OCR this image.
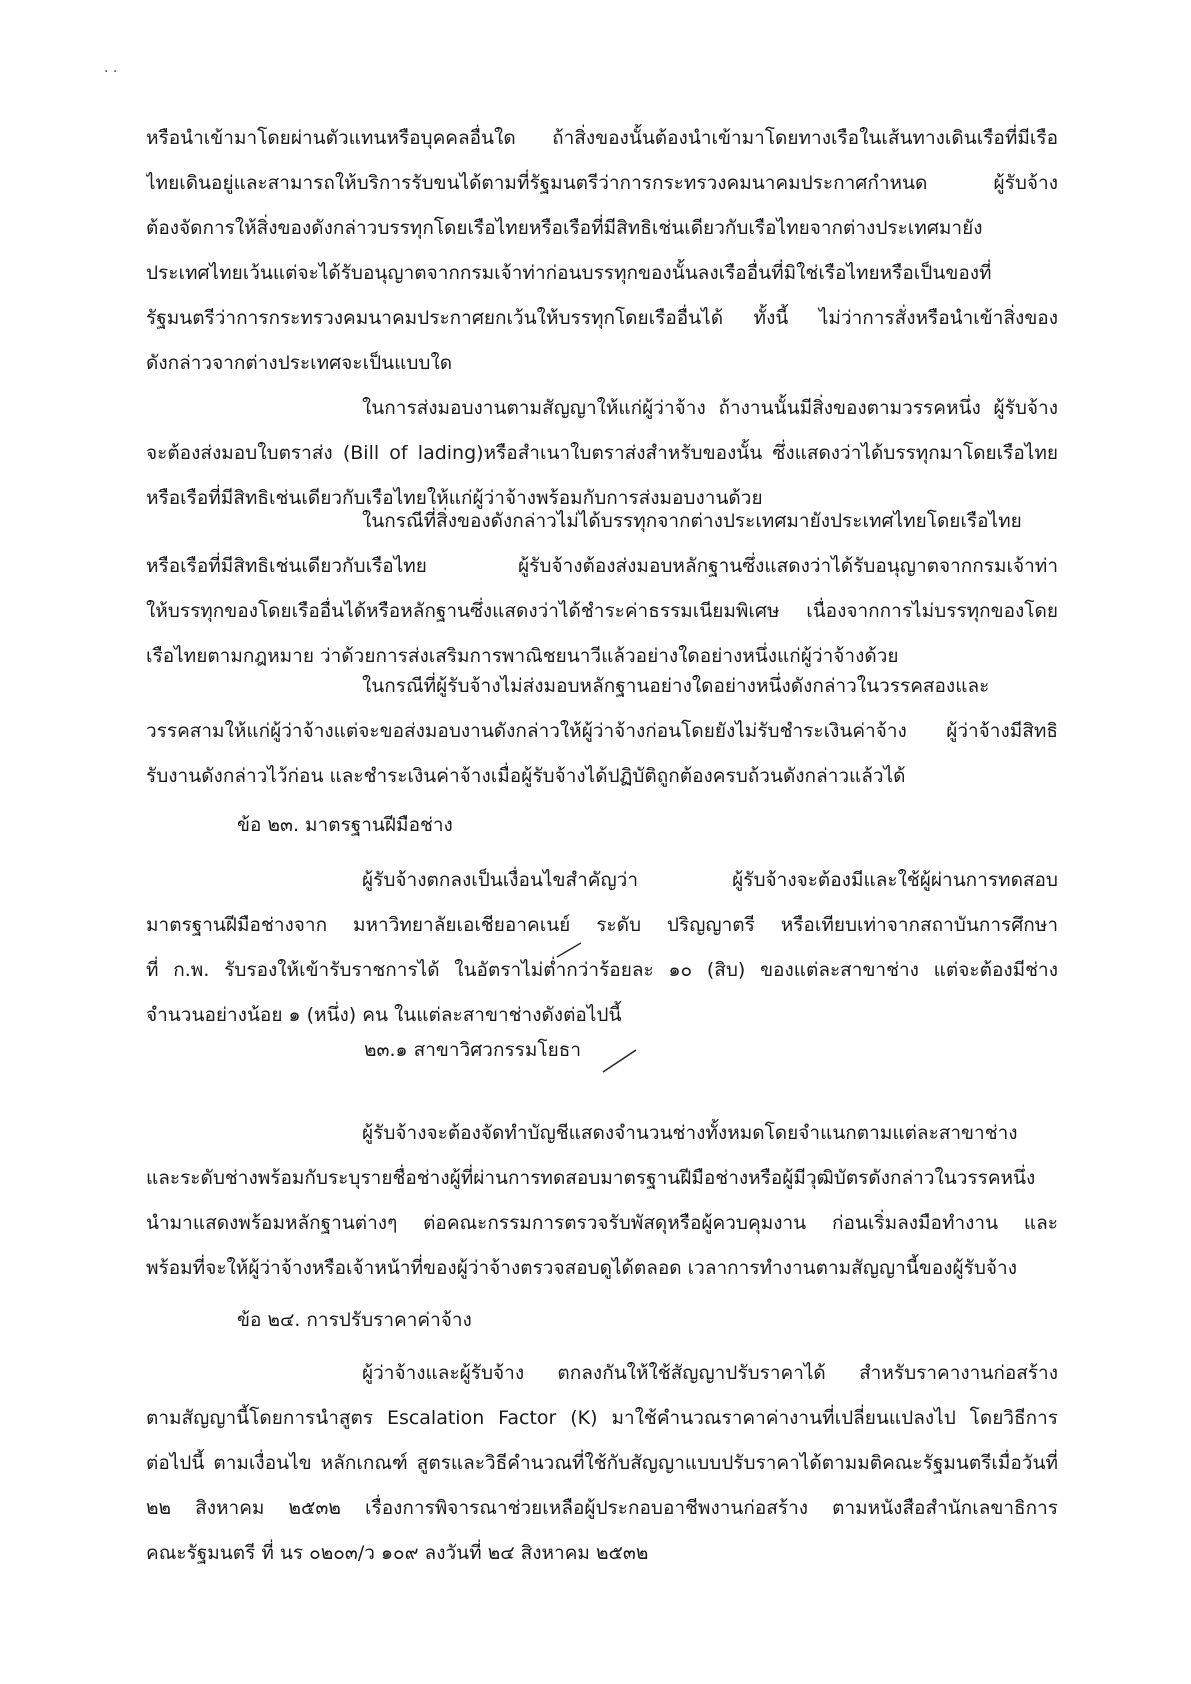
. .
หรือนำเข้ามาโดยผ่านตัวแทนหรือบุคคลอื่นใด ถ้าสิ่งของนั้นต้องนำเข้ามาโดยทางเรือในเส้นทางเดินเรือที่มีเรือ
ไทยเดินอยู่และสามารถให้บริการรับขนได้ตามที่รัฐมนตรีว่าการกระทรวงคมนาคมประกาศกำหนด ผู้รับจ้าง
ต้องจัดการให้สิ่งของดังกล่าวบรรทุกโดยเรือไทยหรือเรือที่มีสิทธิเช่นเดียวกับเรือไทยจากต่างประเทศมายัง
ประเทศไทยเว้นแต่จะได้รับอนุญาตจากกรมเจ้าท่าก่อนบรรทุกของนั้นลงเรืออื่นที่มิใช่เรือไทยหรือเป็นของที่
รัฐมนตรีว่าการกระทรวงคมนาคมประกาศยกเว้นให้บรรทุกโดยเรืออื่นได้ ทั้งนี้ ไม่ว่าการสั่งหรือนำเข้าสิ่งของ
ดังกล่าวจากต่างประเทศจะเป็นแบบใด
ในการส่งมอบงานตามสัญญาให้แก่ผู้ว่าจ้าง ถ้างานนั้นมีสิ่งของตามวรรคหนึ่ง ผู้รับจ้าง
จะต้องส่งมอบใบตราส่ง (Bill of lading)หรือสำเนาใบตราส่งสำหรับของนั้น ซึ่งแสดงว่าได้บรรทุกมาโดยเรือไทย
หรือเรือที่มีสิทธิเช่นเดียวกับเรือไทยให้แก่ผู้ว่าจ้างพร้อมกับการส่งมอบงานด้วย
ในกรณีที่สิ่งของดังกล่าวไม่ได้บรรทุกจากต่างประเทศมายังประเทศไทยโดยเรือไทย
หรือเรือที่มีสิทธิเช่นเดียวกับเรือไทย ผู้รับจ้างต้องส่งมอบหลักฐานซึ่งแสดงว่าได้รับอนุญาตจากกรมเจ้าท่า
ให้บรรทุกของโดยเรืออื่นได้หรือหลักฐานซึ่งแสดงว่าได้ชำระค่าธรรมเนียมพิเศษ เนื่องจากการไม่บรรทุกของโดย
เรือไทยตามกฎหมาย ว่าด้วยการส่งเสริมการพาณิชยนาวีแล้วอย่างใดอย่างหนึ่งแก่ผู้ว่าจ้างด้วย
ในกรณีที่ผู้รับจ้างไม่ส่งมอบหลักฐานอย่างใดอย่างหนึ่งดังกล่าวในวรรคสองและ
วรรคสามให้แก่ผู้ว่าจ้างแต่จะขอส่งมอบงานดังกล่าวให้ผู้ว่าจ้างก่อนโดยยังไม่รับชำระเงินค่าจ้าง ผู้ว่าจ้างมีสิทธิ
รับงานดังกล่าวไว้ก่อน และชำระเงินค่าจ้างเมื่อผู้รับจ้างได้ปฏิบัติถูกต้องครบถ้วนดังกล่าวแล้วได้
ข้อ ๒๓. มาตรฐานฝีมือช่าง
ผู้รับจ้างตกลงเป็นเงื่อนไขสำคัญว่า ผู้รับจ้างจะต้องมีและใช้ผู้ผ่านการทดสอบ
มาตรฐานฝีมือช่างจาก มหาวิทยาลัยเอเชียอาคเนย์ ระดับ ปริญญาตรี หรือเทียบเท่าจากสถาบันการศึกษา
ที่ ก.พ. รับรองให้เข้ารับราชการได้ ในอัตราไม่ต่ำกว่าร้อยละ ๑๐ (สิบ) ของแต่ละสาขาช่าง แต่จะต้องมีช่าง
จำนวนอย่างน้อย ๑ (หนึ่ง) คน ในแต่ละสาขาช่างดังต่อไปนี้
๒๓.๑ สาขาวิศวกรรมโยธา
ผู้รับจ้างจะต้องจัดทำบัญชีแสดงจำนวนช่างทั้งหมดโดยจำแนกตามแต่ละสาขาช่าง
และระดับช่างพร้อมกับระบุรายชื่อช่างผู้ที่ผ่านการทดสอบมาตรฐานฝีมือช่างหรือผู้มีวุฒิบัตรดังกล่าวในวรรคหนึ่ง
นำมาแสดงพร้อมหลักฐานต่างๆ ต่อคณะกรรมการตรวจรับพัสดุหรือผู้ควบคุมงาน ก่อนเริ่มลงมือทำงาน และ
พร้อมที่จะให้ผู้ว่าจ้างหรือเจ้าหน้าที่ของผู้ว่าจ้างตรวจสอบดูได้ตลอด เวลาการทำงานตามสัญญานี้ของผู้รับจ้าง
ข้อ ๒๔. การปรับราคาค่าจ้าง
ผู้ว่าจ้างและผู้รับจ้าง ตกลงกันให้ใช้สัญญาปรับราคาได้ สำหรับราคางานก่อสร้าง
ตามสัญญานี้โดยการนำสูตร Escalation Factor (K) มาใช้คำนวณราคาค่างานที่เปลี่ยนแปลงไป โดยวิธีการ
ต่อไปนี้ ตามเงื่อนไข หลักเกณฑ์ สูตรและวิธีคำนวณที่ใช้กับสัญญาแบบปรับราคาได้ตามมติคณะรัฐมนตรีเมื่อวันที่
๒๒ สิงหาคม ๒๕๓๒ เรื่องการพิจารณาช่วยเหลือผู้ประกอบอาชีพงานก่อสร้าง ตามหนังสือสำนักเลขาธิการ
คณะรัฐมนตรี ที่ นร ๐๒๐๓/ว ๑๐๙ ลงวันที่ ๒๔ สิงหาคม ๒๕๓๒
